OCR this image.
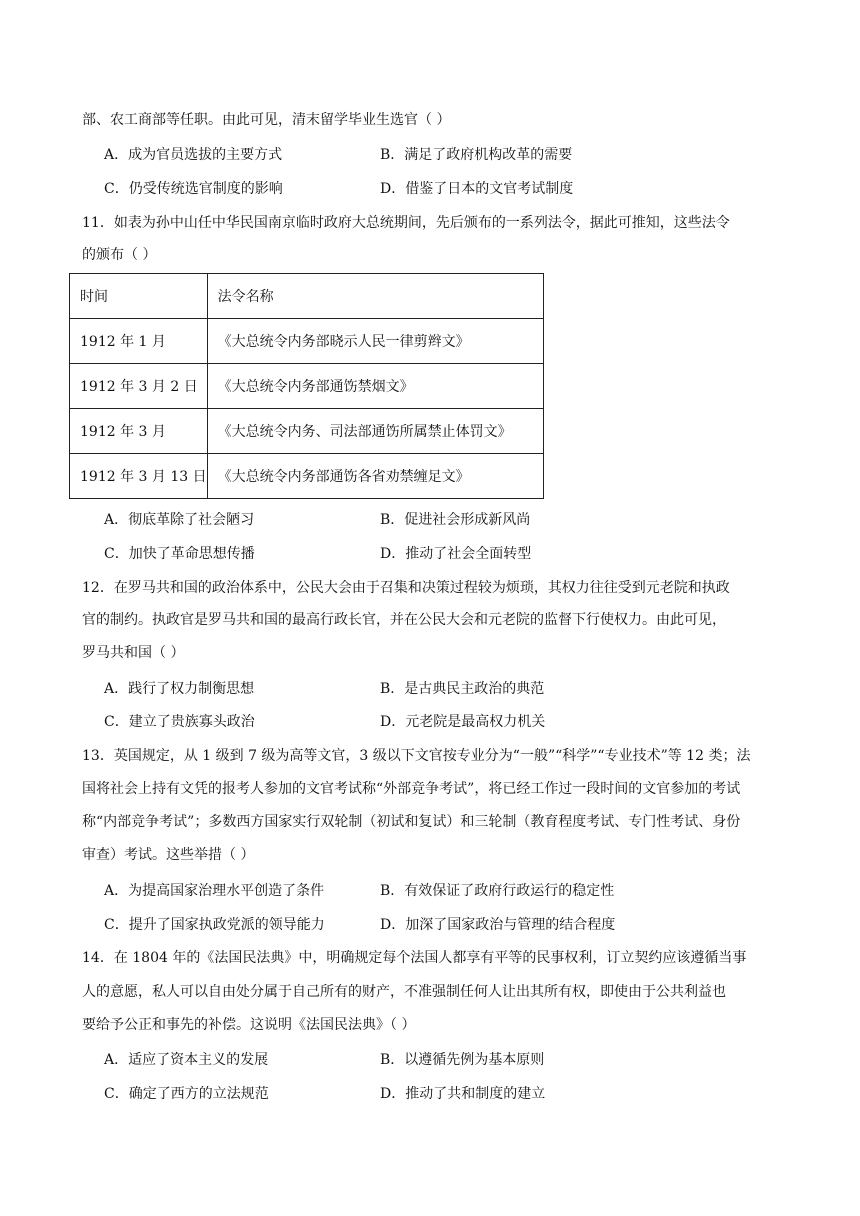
部、农工商部等任职。由此可见，清末留学毕业生选官（ ）
A．成为官员选拔的主要方式	B．满足了政府机构改革的需要
C．仍受传统选官制度的影响	D．借鉴了日本的文官考试制度
11．如表为孙中山任中华民国南京临时政府大总统期间，先后颁布的一系列法令，据此可推知，这些法令
的颁布（ ）
时间	法令名称
1912 年 1 月	《大总统令内务部晓示人民一律剪辫文》
1912 年 3 月 2 日	《大总统令内务部通饬禁烟文》
1912 年 3 月	《大总统令内务、司法部通饬所属禁止体罚文》
1912 年 3 月 13 日	《大总统令内务部通饬各省劝禁缠足文》
A．彻底革除了社会陋习	B．促进社会形成新风尚
C．加快了革命思想传播	D．推动了社会全面转型
12．在罗马共和国的政治体系中，公民大会由于召集和决策过程较为烦琐，其权力往往受到元老院和执政
官的制约。执政官是罗马共和国的最高行政长官，并在公民大会和元老院的监督下行使权力。由此可见，
罗马共和国（ ）
A．践行了权力制衡思想	B．是古典民主政治的典范
C．建立了贵族寡头政治	D．元老院是最高权力机关
13．英国规定，从 1 级到 7 级为高等文官，3 级以下文官按专业分为“一般”“科学”“专业技术”等 12 类；法
国将社会上持有文凭的报考人参加的文官考试称“外部竞争考试”，将已经工作过一段时间的文官参加的考试
称“内部竞争考试”；多数西方国家实行双轮制（初试和复试）和三轮制（教育程度考试、专门性考试、身份
审查）考试。这些举措（ ）
A．为提高国家治理水平创造了条件	B．有效保证了政府行政运行的稳定性
C．提升了国家执政党派的领导能力	D．加深了国家政治与管理的结合程度
14．在 1804 年的《法国民法典》中，明确规定每个法国人都享有平等的民事权利，订立契约应该遵循当事
人的意愿，私人可以自由处分属于自己所有的财产，不准强制任何人让出其所有权，即使由于公共利益也
要给予公正和事先的补偿。这说明《法国民法典》（ ）
A．适应了资本主义的发展	B．以遵循先例为基本原则
C．确定了西方的立法规范	D．推动了共和制度的建立
